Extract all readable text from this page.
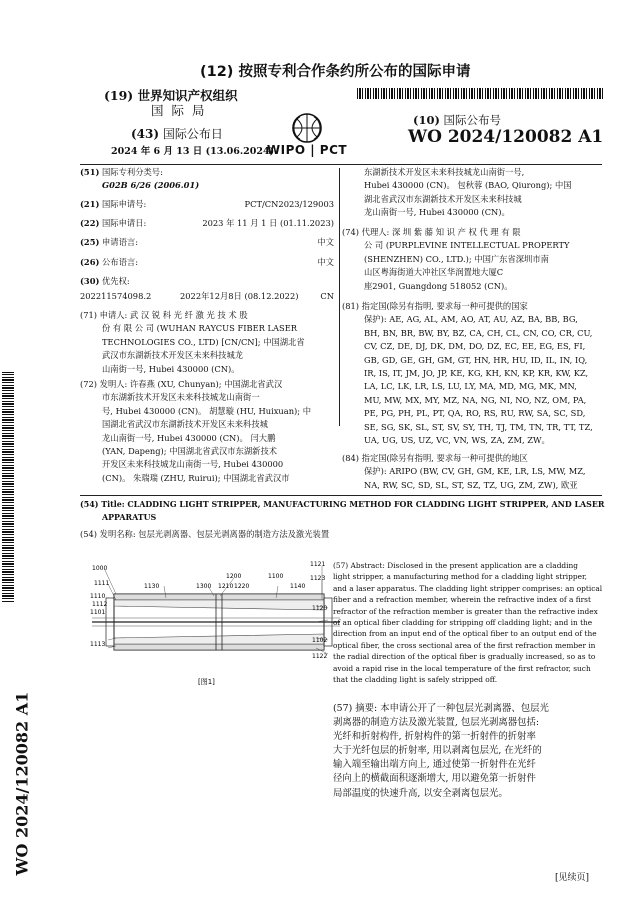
(12) 按照专利合作条约所公布的国际申请
(19) 世界知识产权组织
国 际 局
(43) 国际公布日
2024 年 6 月 13 日 (13.06.2024)
WIPO | PCT
(10) 国际公布号
WO 2024/120082 A1
(51) 国际专利分类号:
G02B 6/26 (2006.01)
(21) 国际申请号:	PCT/CN2023/129003
(22) 国际申请日:	2023 年 11 月 1 日 (01.11.2023)
(25) 申请语言:	中文
(26) 公布语言:	中文
(30) 优先权:
202211574098.2	2022年12月8日 (08.12.2022)	CN
(71) 申请人: 武 汉 锐 科 光 纤 激 光 技 术 股
份 有 限 公 司 (WUHAN RAYCUS FIBER LASER
TECHNOLOGIES CO., LTD) [CN/CN]; 中国湖北省
武汉市东湖新技术开发区未来科技城龙
山南街一号, Hubei 430000 (CN)。
(72) 发明人: 许春燕 (XU, Chunyan); 中国湖北省武汉
市东湖新技术开发区未来科技城龙山南街一
号, Hubei 430000 (CN)。 胡慧璇 (HU, Huixuan); 中
国湖北省武汉市东湖新技术开发区未来科技城
龙山南街一号, Hubei 430000 (CN)。 闫大鹏
(YAN, Dapeng); 中国湖北省武汉市东湖新技术
开发区未来科技城龙山南街一号, Hubei 430000
(CN)。 朱瑞瑞 (ZHU, Ruirui); 中国湖北省武汉市
东湖新技术开发区未来科技城龙山南街一号,
Hubei 430000 (CN)。 包秋蓉 (BAO, Qiurong); 中国
湖北省武汉市东湖新技术开发区未来科技城
龙山南街一号, Hubei 430000 (CN)。
(74) 代理人: 深 圳 紫 藤 知 识 产 权 代 理 有 限
公 司 (PURPLEVINE INTELLECTUAL PROPERTY
(SHENZHEN) CO., LTD.); 中国广东省深圳市南
山区粤海街道大冲社区华润置地大厦C
座2901, Guangdong 518052 (CN)。
(81) 指定国(除另有指明, 要求每一种可提供的国家
保护): AE, AG, AL, AM, AO, AT, AU, AZ, BA, BB, BG,
BH, BN, BR, BW, BY, BZ, CA, CH, CL, CN, CO, CR, CU,
CV, CZ, DE, DJ, DK, DM, DO, DZ, EC, EE, EG, ES, FI,
GB, GD, GE, GH, GM, GT, HN, HR, HU, ID, IL, IN, IQ,
IR, IS, IT, JM, JO, JP, KE, KG, KH, KN, KP, KR, KW, KZ,
LA, LC, LK, LR, LS, LU, LY, MA, MD, MG, MK, MN,
MU, MW, MX, MY, MZ, NA, NG, NI, NO, NZ, OM, PA,
PE, PG, PH, PL, PT, QA, RO, RS, RU, RW, SA, SC, SD,
SE, SG, SK, SL, ST, SV, SY, TH, TJ, TM, TN, TR, TT, TZ,
UA, UG, US, UZ, VC, VN, WS, ZA, ZM, ZW。
(84) 指定国(除另有指明, 要求每一种可提供的地区
保护): ARIPO (BW, CV, GH, GM, KE, LR, LS, MW, MZ,
NA, RW, SC, SD, SL, ST, SZ, TZ, UG, ZM, ZW), 欧亚
(54) Title: CLADDING LIGHT STRIPPER, MANUFACTURING METHOD FOR CLADDING LIGHT STRIPPER, AND LASER
APPARATUS
(54) 发明名称: 包层光剥离器、包层光剥离器的制造方法及激光装置
1000
1111
1110
1130	1300
1200
1210 1220
1100
1140
1121
1123
1112
1120
1101
1102
1122
1113
[图1]
(57) Abstract: Disclosed in the present application are a cladding
light stripper, a manufacturing method for a cladding light stripper,
and a laser apparatus. The cladding light stripper comprises: an optical
fiber and a refraction member, wherein the refractive index of a first
refractor of the refraction member is greater than the refractive index
of an optical fiber cladding for stripping off cladding light; and in the
direction from an input end of the optical fiber to an output end of the
optical fiber, the cross sectional area of the first refraction member in
the radial direction of the optical fiber is gradually increased, so as to
avoid a rapid rise in the local temperature of the first refractor, such
that the cladding light is safely stripped off.
(57) 摘要: 本申请公开了一种包层光剥离器、包层光
剥离器的制造方法及激光装置, 包层光剥离器包括:
光纤和折射构件, 折射构件的第一折射件的折射率
大于光纤包层的折射率, 用以剥离包层光, 在光纤的
输入端至输出端方向上, 通过使第一折射件在光纤
径向上的横截面积逐渐增大, 用以避免第一折射件
局部温度的快速升高, 以安全剥离包层光。
WO 2024/120082 A1
[见续页]
